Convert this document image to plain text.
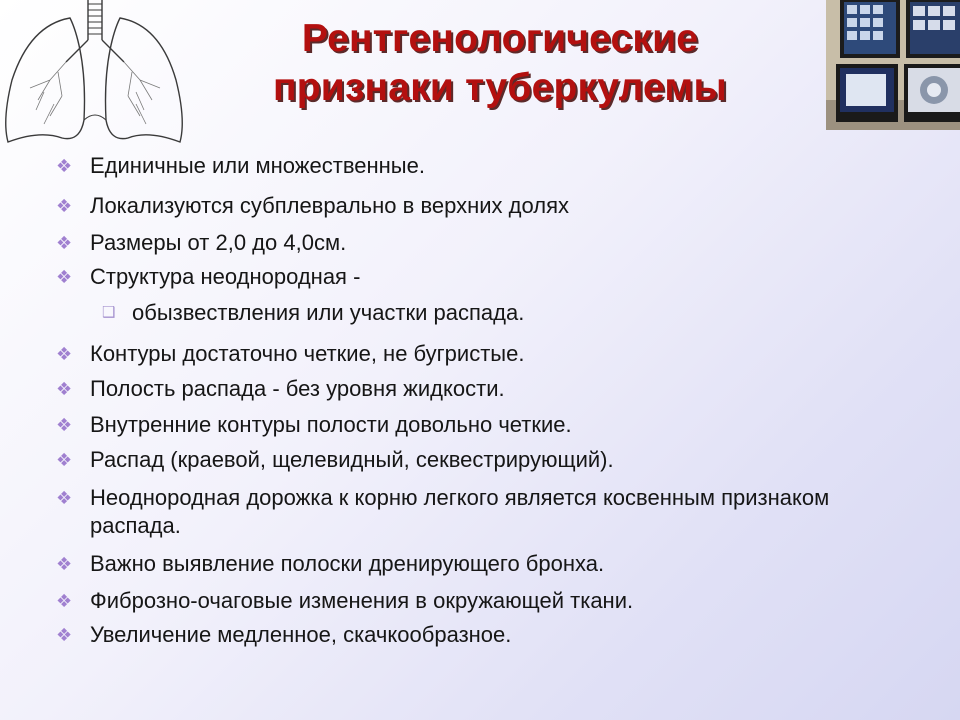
Рентгенологические
признаки туберкулемы
❖ Единичные или множественные.
❖ Локализуются субплеврально в верхних долях
❖ Размеры от 2,0 до 4,0см.
❖ Структура неоднородная -
❑ обызвествления или участки распада.
❖ Контуры достаточно четкие, не бугристые.
❖ Полость распада - без уровня жидкости.
❖ Внутренние контуры полости довольно четкие.
❖ Распад (краевой, щелевидный, секвестрирующий).
❖ Неоднородная дорожка к корню легкого является косвенным признаком распада.
❖ Важно выявление полоски дренирующего бронха.
❖ Фиброзно-очаговые изменения в окружающей ткани.
❖ Увеличение медленное, скачкообразное.
